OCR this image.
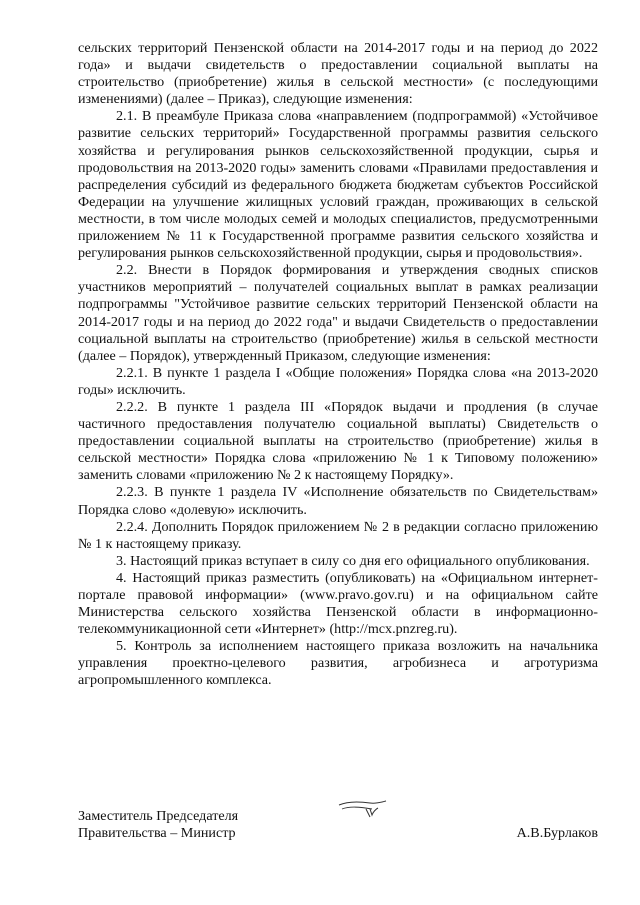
сельских территорий Пензенской области на 2014-2017 годы и на период до 2022 года» и выдачи свидетельств о предоставлении социальной выплаты на строительство (приобретение) жилья в сельской местности» (с последующими изменениями) (далее – Приказ), следующие изменения:

2.1. В преамбуле Приказа слова «направлением (подпрограммой) «Устойчивое развитие сельских территорий» Государственной программы развития сельского хозяйства и регулирования рынков сельскохозяйственной продукции, сырья и продовольствия на 2013-2020 годы» заменить словами «Правилами предоставления и распределения субсидий из федерального бюджета бюджетам субъектов Российской Федерации на улучшение жилищных условий граждан, проживающих в сельской местности, в том числе молодых семей и молодых специалистов, предусмотренными приложением № 11 к Государственной программе развития сельского хозяйства и регулирования рынков сельскохозяйственной продукции, сырья и продовольствия».

2.2. Внести в Порядок формирования и утверждения сводных списков участников мероприятий – получателей социальных выплат в рамках реализации подпрограммы "Устойчивое развитие сельских территорий Пензенской области на 2014-2017 годы и на период до 2022 года" и выдачи Свидетельств о предоставлении социальной выплаты на строительство (приобретение) жилья в сельской местности (далее – Порядок), утвержденный Приказом, следующие изменения:

2.2.1. В пункте 1 раздела I «Общие положения» Порядка слова «на 2013-2020 годы» исключить.

2.2.2. В пункте 1 раздела III «Порядок выдачи и продления (в случае частичного предоставления получателю социальной выплаты) Свидетельств о предоставлении социальной выплаты на строительство (приобретение) жилья в сельской местности» Порядка слова «приложению № 1 к Типовому положению» заменить словами «приложению № 2 к настоящему Порядку».

2.2.3. В пункте 1 раздела IV «Исполнение обязательств по Свидетельствам» Порядка слово «долевую» исключить.

2.2.4. Дополнить Порядок приложением № 2 в редакции согласно приложению № 1 к настоящему приказу.

3. Настоящий приказ вступает в силу со дня его официального опубликования.

4. Настоящий приказ разместить (опубликовать) на «Официальном интернет-портале правовой информации» (www.pravo.gov.ru) и на официальном сайте Министерства сельского хозяйства Пензенской области в информационно-телекоммуникационной сети «Интернет» (http://mcx.pnzreg.ru).

5. Контроль за исполнением настоящего приказа возложить на начальника управления проектно-целевого развития, агробизнеса и агротуризма агропромышленного комплекса.

Заместитель Председателя
Правительства – Министр	А.В.Бурлаков
